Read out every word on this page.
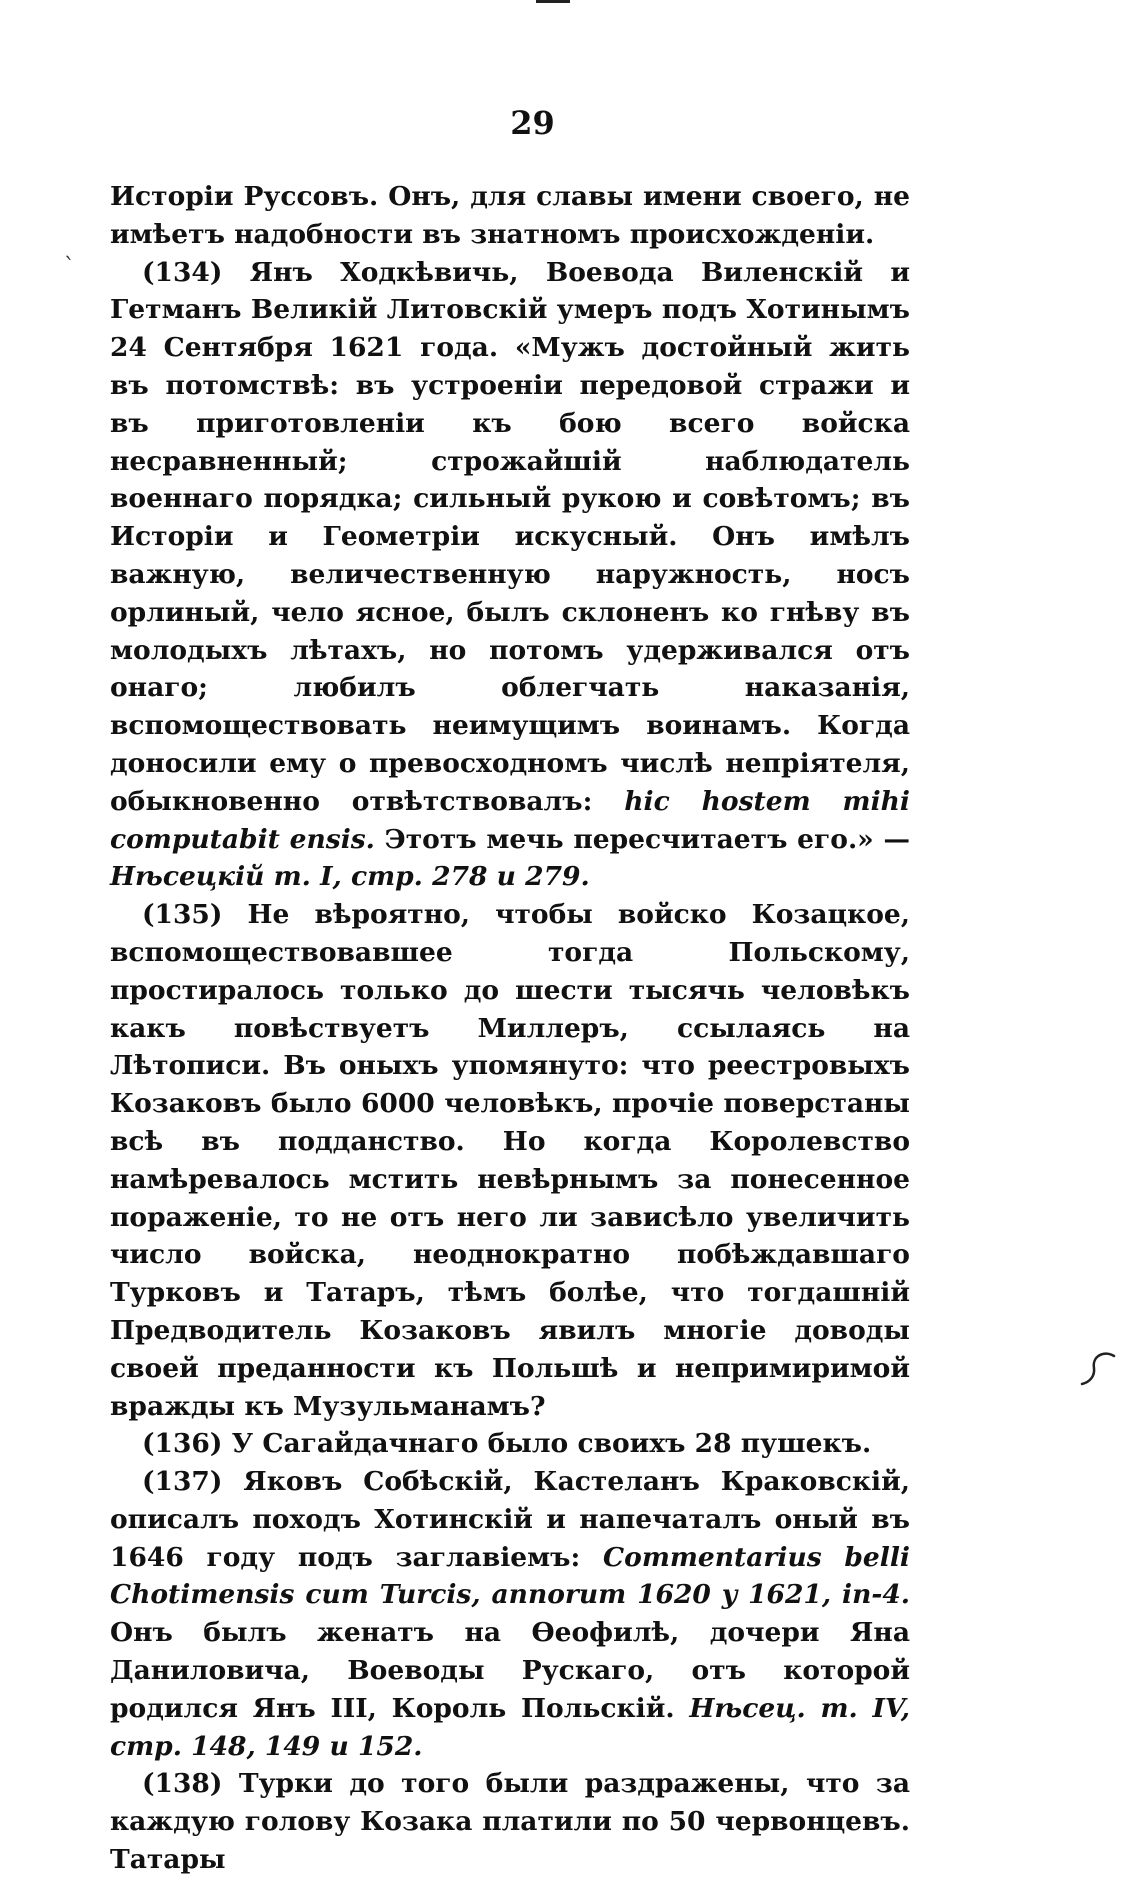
29
`

Исторіи Руссовъ. Онъ, для славы имени своего, не имѣетъ надобности въ знатномъ происхожденіи.

(134) Янъ Ходкѣвичь, Воевода Виленскій и Гетманъ Великій Литовскій умеръ подъ Хотинымъ 24 Сентября 1621 года. «Мужъ достойный жить въ потомствѣ: въ устроеніи передовой стражи и въ приготовленіи къ бою всего войска несравненный; строжайшій наблюдатель военнаго порядка; сильный рукою и совѣтомъ; въ Исторіи и Геометріи искусный. Онъ имѣлъ важную, величественную наружность, носъ орлиный, чело ясное, былъ склоненъ ко гнѣву въ молодыхъ лѣтахъ, но потомъ удерживался отъ онаго; любилъ облегчать наказанія, вспомоществовать неимущимъ воинамъ. Когда доносили ему о превосходномъ числѣ непріятеля, обыкновенно отвѣтствовалъ: hic hostem mihi computabit ensis. Этотъ мечь пересчитаетъ его.» — Нѣсецкій т. I, стр. 278 и 279.

(135) Не вѣроятно, чтобы войско Козацкое, вспомоществовавшее тогда Польскому, простиралось только до шести тысячь человѣкъ какъ повѣствуетъ Миллеръ, ссылаясь на Лѣтописи. Въ оныхъ упомянуто: что реестровыхъ Козаковъ было 6000 человѣкъ, прочіе поверстаны всѣ въ подданство. Но когда Королевство намѣревалось мстить невѣрнымъ за понесенное пораженіе, то не отъ него ли зависѣло увеличить число войска, неоднократно побѣждавшаго Турковъ и Татаръ, тѣмъ болѣе, что тогдашній Предводитель Козаковъ явилъ многіе доводы своей преданности къ Польшѣ и непримиримой вражды къ Музульманамъ?

(136) У Сагайдачнаго было своихъ 28 пушекъ.

(137) Яковъ Собѣскій, Кастеланъ Краковскій, описалъ походъ Хотинскій и напечаталъ оный въ 1646 году подъ заглавіемъ: Commentarius belli Chotimensis cum Turcis, annorum 1620 y 1621, in-4. Онъ былъ женатъ на Ѳеофилѣ, дочери Яна Даниловича, Воеводы Рускаго, отъ которой родился Янъ III, Король Польскій. Нѣсец. т. IV, стр. 148, 149 и 152.

(138) Турки до того были раздражены, что за каждую голову Козака платили по 50 червонцевъ. Татары
